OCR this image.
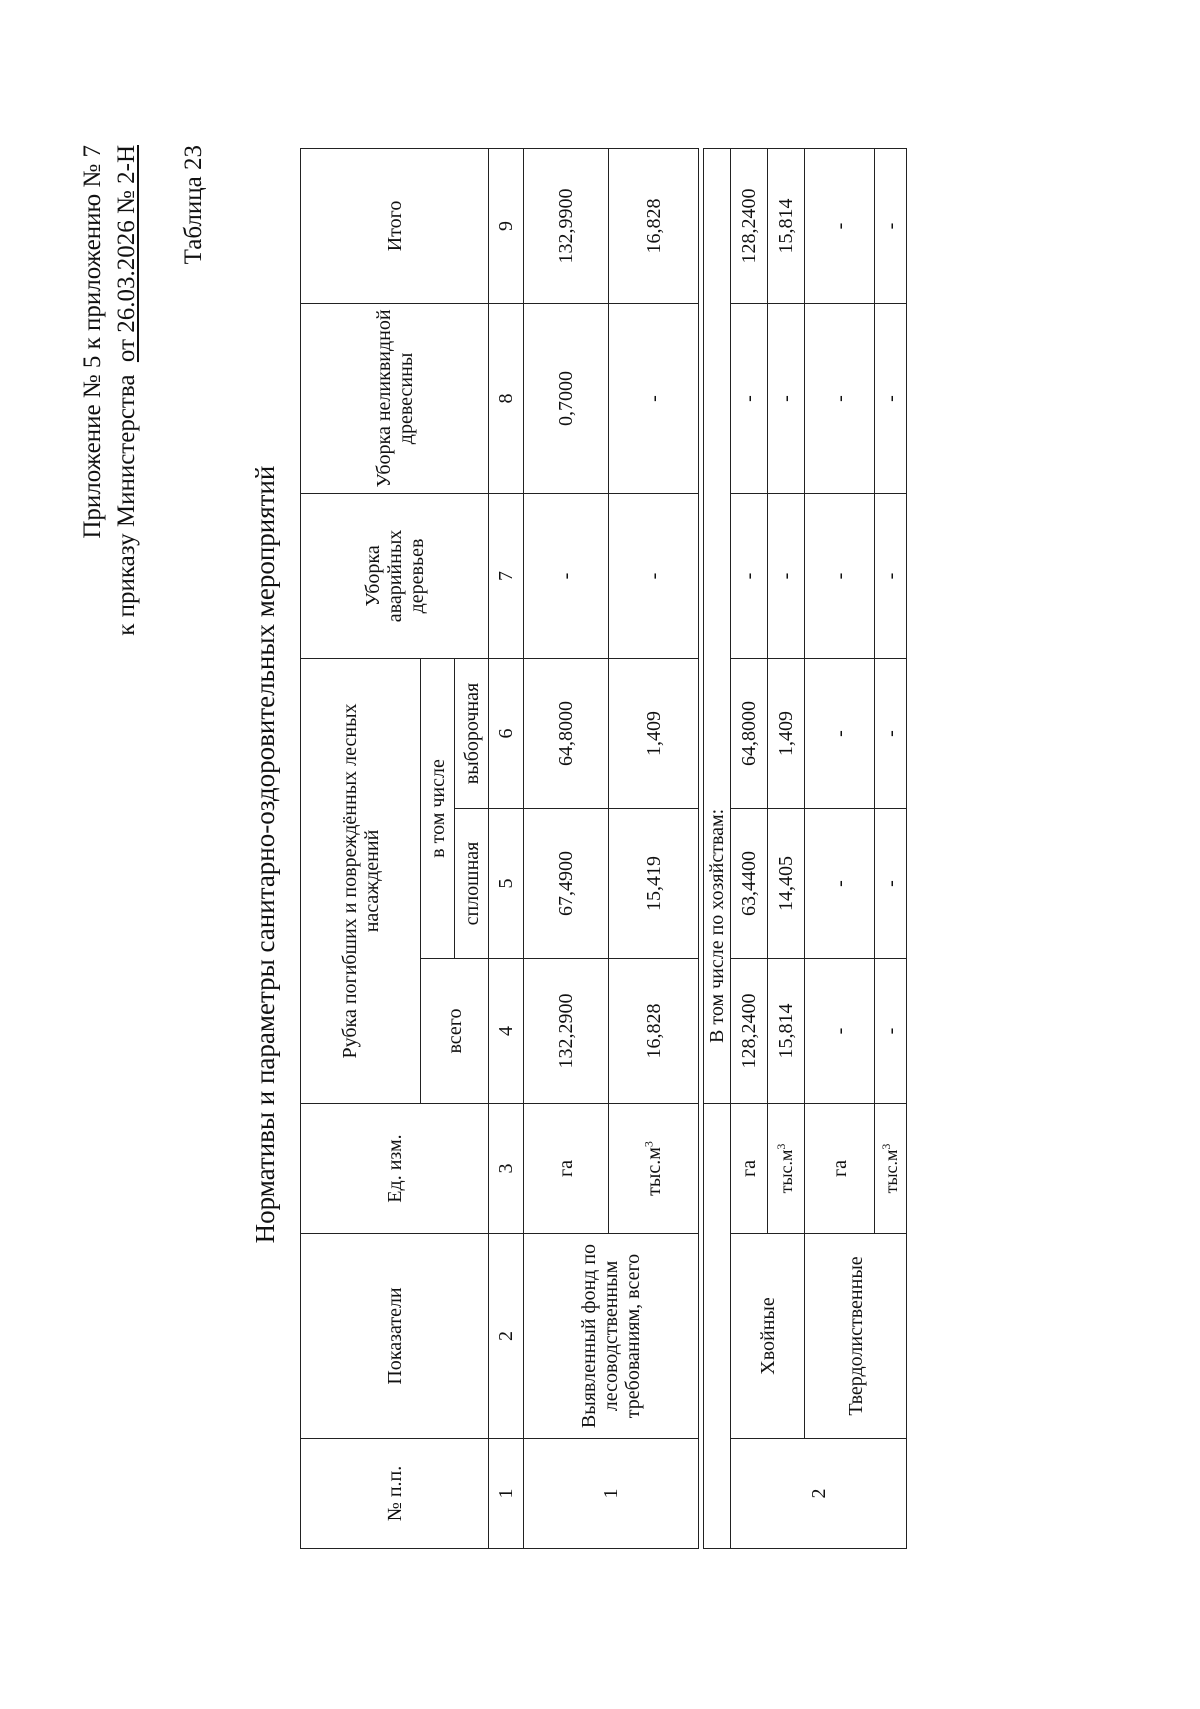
Приложение № 5 к приложению № 7 к приказу Министерства  от 26.03.2026 № 2-Н Таблица 23
Нормативы и параметры санитарно-оздоровительных мероприятий
№ п.п.	Показатели	Ед. изм.	Рубка погибших и повреждённых лесных насаждений			Уборка аварийных деревьев	Уборка неликвидной древесины	Итого
			всего	в том числе				
				сплошная	выборочная			
1	2	3	4	5	6	7	8	9
1	Выявленный фонд по лесоводственным требованиям, всего	га	132,2900	67,4900	64,8000	-	0,7000	132,9900
		$тыс.м^3$	16,828	15,419	1,409	-	-	16,828

			В том числе по хозяйствам:					
2	Хвойные	га	128,2400	63,4400	64,8000	-	-	128,2400
		$тыс.м^3$	15,814	14,405	1,409	-	-	15,814
	Твердолиственные	га	-	-	-	-	-	-
		$тыс.м^3$	-	-	-	-	-	-
